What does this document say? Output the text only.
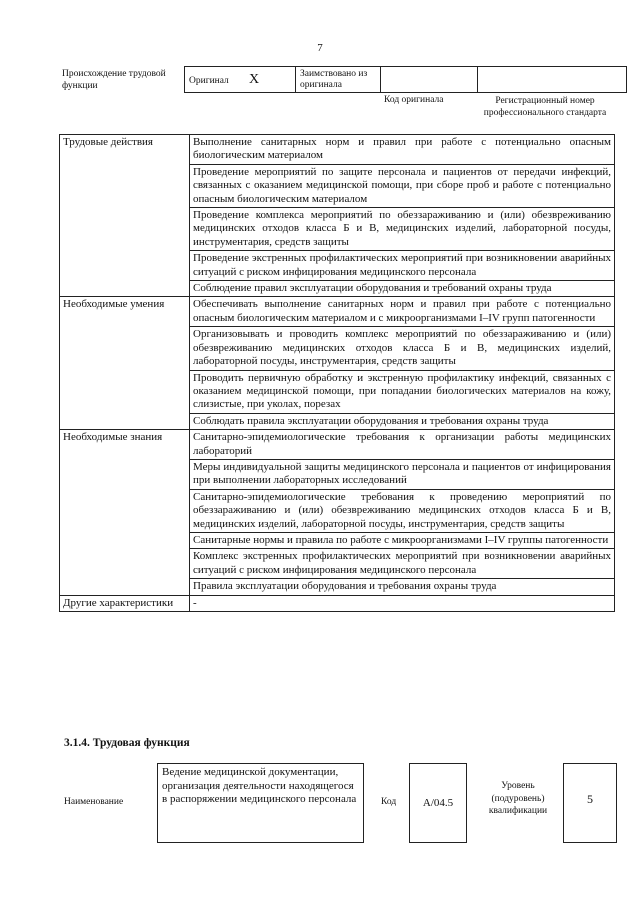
7
Происхождение трудовой функции
Оригинал X	Заимствовано из оригинала		
Код оригинала	Регистрационный номер профессионального стандарта
Трудовые действия	Выполнение санитарных норм и правил при работе с потенциально опасным биологическим материалом
	Проведение мероприятий по защите персонала и пациентов от передачи инфекций, связанных с оказанием медицинской помощи, при сборе проб и работе с потенциально опасным биологическим материалом
	Проведение комплекса мероприятий по обеззараживанию и (или) обезвреживанию медицинских отходов класса Б и В, медицинских изделий, лабораторной посуды, инструментария, средств защиты
	Проведение экстренных профилактических мероприятий при возникновении аварийных ситуаций с риском инфицирования медицинского персонала
	Соблюдение правил эксплуатации оборудования и требований охраны труда
Необходимые умения	Обеспечивать выполнение санитарных норм и правил при работе с потенциально опасным биологическим материалом и с микроорганизмами I–IV групп патогенности
	Организовывать и проводить комплекс мероприятий по обеззараживанию и (или) обезвреживанию медицинских отходов класса Б и В, медицинских изделий, лабораторной посуды, инструментария, средств защиты
	Проводить первичную обработку и экстренную профилактику инфекций, связанных с оказанием медицинской помощи, при попадании биологических материалов на кожу, слизистые, при уколах, порезах
	Соблюдать правила эксплуатации оборудования и требования охраны труда
Необходимые знания	Санитарно-эпидемиологические требования к организации работы медицинских лабораторий
	Меры индивидуальной защиты медицинского персонала и пациентов от инфицирования при выполнении лабораторных исследований
	Санитарно-эпидемиологические требования к проведению мероприятий по обеззараживанию и (или) обезвреживанию медицинских отходов класса Б и В, медицинских изделий, лабораторной посуды, инструментария, средств защиты
	Санитарные нормы и правила по работе с микроорганизмами I–IV группы патогенности
	Комплекс экстренных профилактических мероприятий при возникновении аварийных ситуаций с риском инфицирования медицинского персонала
	Правила эксплуатации оборудования и требования охраны труда
Другие характеристики	-
3.1.4. Трудовая функция
Наименование
Ведение медицинской документации, организация деятельности находящегося в распоряжении медицинского персонала	Код	A/04.5
Уровень (подуровень) квалификации
5
